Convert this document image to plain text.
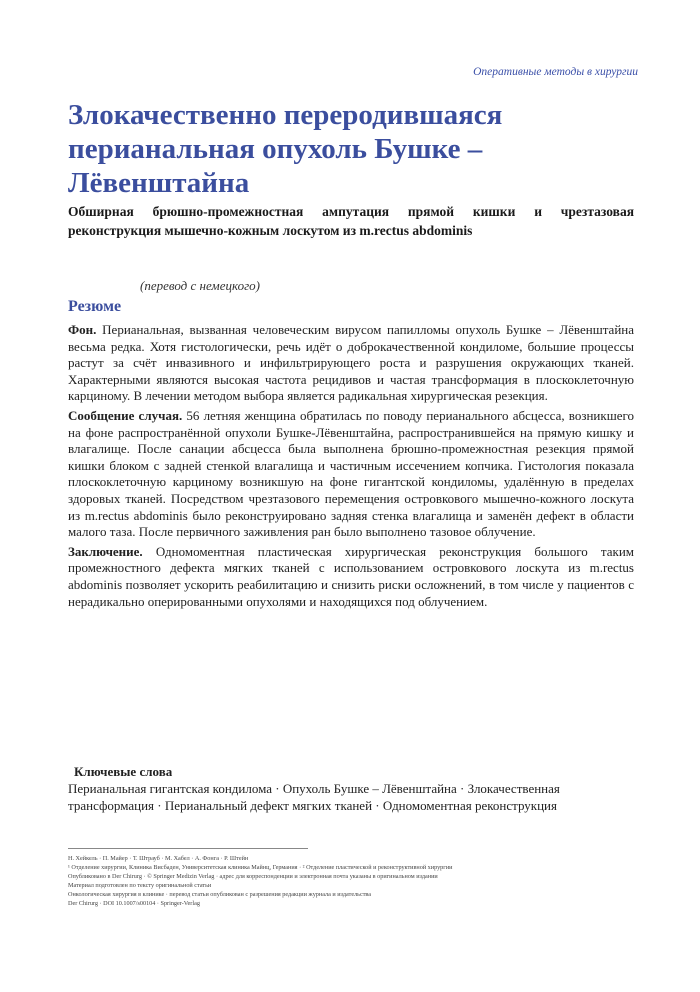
Оперативные методы в хирургии
Злокачественно переродившаяся перианальная опухоль Бушке – Лёвенштайна

Обширная брюшно-промежностная ампутация прямой кишки и чрезтазовая реконструкция мышечно-кожным лоскутом из m.rectus abdominis

(перевод с немецкого)
Резюме

Фон. Перианальная, вызванная человеческим вирусом папилломы опухоль Бушке – Лёвенштайна весьма редка. Хотя гистологически, речь идёт о доброкачественной кондиломе, большие процессы растут за счёт инвазивного и инфильтрирующего роста и разрушения окружающих тканей. Характерными являются высокая частота рецидивов и частая трансформация в плоскоклеточную карциному. В лечении методом выбора является радикальная хирургическая резекция.

Сообщение случая. 56 летняя женщина обратилась по поводу перианального абсцесса, возникшего на фоне распространённой опухоли Бушке-Лёвенштайна, распространившейся на прямую кишку и влагалище. После санации абсцесса была выполнена брюшно-промежностная резекция прямой кишки блоком с задней стенкой влагалища и частичным иссечением копчика. Гистология показала плоскоклеточную карциному возникшую на фоне гигантской кондиломы, удалённую в пределах здоровых тканей. Посредством чрезтазового перемещения островкового мышечно-кожного лоскута из m.rectus abdominis было реконструировано задняя стенка влагалища и заменён дефект в области малого таза. После первичного заживления ран было выполнено тазовое облучение.

Заключение. Одномоментная пластическая хирургическая реконструкция большого таким промежностного дефекта мягких тканей с использованием островкового лоскута из m.rectus abdominis позволяет ускорить реабилитацию и снизить риски осложнений, в том числе у пациентов с нерадикально оперированными опухолями и находящихся под облучением.

Ключевые слова
Перианальная гигантская кондилома · Опухоль Бушке – Лёвенштайна · Злокачественная трансформация · Перианальный дефект мягких тканей · Одномоментная реконструкция

Н. Хейкель · П. Майер · Т. Штрауб · М. Хабел · А. Фонга · Р. Штейн

¹ Отделение хирургии, Клиника Висбаден, Университетская клиника Майнц, Германия · ² Отделение пластической и реконструктивной хирургии

Опубликовано в Der Chirurg · © Springer Medizin Verlag · адрес для корреспонденции и электронная почта указаны в оригинальном издании

Материал подготовлен по тексту оригинальной статьи

Онкологическая хирургия в клинике · перевод статьи опубликован с разрешения редакции журнала и издательства

Der Chirurg · DOI 10.1007/s00104 · Springer-Verlag
